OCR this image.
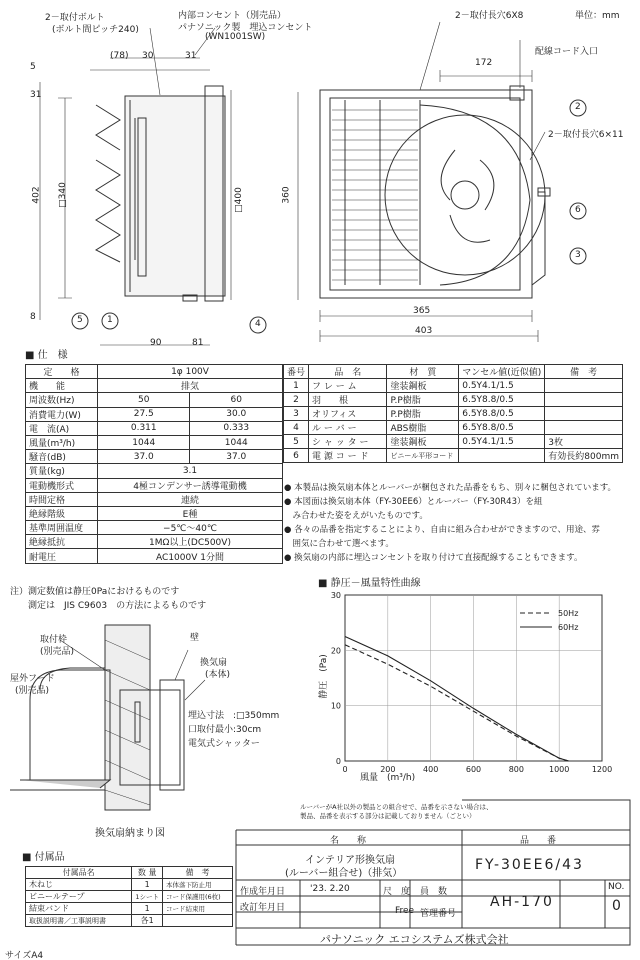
0	200	400	600	800	1000	1200
0
10
20
30
50Hz
60Hz
2－取付ボルト
(ボルト間ピッチ240)
内部コンセント（別売品）
パナソニック製　埋込コンセント
(WN1001SW)
2－取付長穴6X8	単位：mm
配線コード入口
2－取付長穴6×11
(78) 30	31
5
31
402 □340	□400
8
90	81
172
360
365
403
5	1	4
2
3
6
■ 仕　様
定　　格	1φ 100V	
機　　能	排気	
周波数(Hz)	50	60
消費電力(W)	27.5	30.0
電　流(A)	0.311	0.333
風量(m³/h)	1044	1044
騒音(dB)	37.0	37.0
質量(kg)	3.1	
電動機形式	4極コンデンサー誘導電動機	
時間定格	連続	
絶縁階級	E種	
基準周囲温度	−5℃〜40℃	
絶縁抵抗	1MΩ以上(DC500V)	
耐電圧	AC1000V 1分間	
注）測定数値は静圧0Paにおけるものです
　　測定は　JIS C9603　の方法によるものです
番号	品　名	材　質	マンセル値(近似値)	備　考
1	フ レ ー ム	塗装鋼板	0.5Y4.1/1.5	
2	羽　　根	P.P樹脂	6.5Y8.8/0.5	
3	オリフィス	P.P樹脂	6.5Y8.8/0.5	
4	ル ー バ ー	ABS樹脂	6.5Y8.8/0.5	
5	シ ャ ッ タ ー	塗装鋼板	0.5Y4.1/1.5	3枚
6	電 源 コ ー ド	ビニール平形コード		有効長約800mm
● 本製品は換気扇本体とルーバーが梱包された品番をもち、別々に梱包されています。
● 本図面は換気扇本体（FY-30EE6）とルーバー（FY-30R43）を組
　み合わせた姿をえがいたものです。
● 各々の品番を指定することにより、自由に組み合わせができますので、用途、雰
　囲気に合わせて選べます。
● 換気扇の内部に埋込コンセントを取り付けて直接配線することもできます。
取付枠
(別売品)
壁
換気扇
(本体)
屋外フード
(別売品)
埋込寸法　:□350mm
口取付最小:30cm
電気式シャッター
換気扇納まり図
■ 静圧－風量特性曲線
風量　(m³/h)
静圧　(Pa)
ルーバーがA社以外の製品との組合せで、品番を示さない場合は、
製品、品番を表示する部分は記載しておりません（ごとい）
■ 付属品
付属品名	数 量	備　考
木ねじ	1	本体落下防止用
ビニールテープ	1シート	コード保護用(6枚)
結束バンド	1	コード結束用
取扱説明書／工事説明書	各1	
名　　称	品　　番
インテリア形換気扇
(ルーバー組合せ)（排気）
FY-30EE6/43
作成年月日	'23. 2.20	尺　度 員　数
改訂年月日	Free 管理番号
AH-170
NO.
0
パナソニック エコシステムズ株式会社
サイズA4
